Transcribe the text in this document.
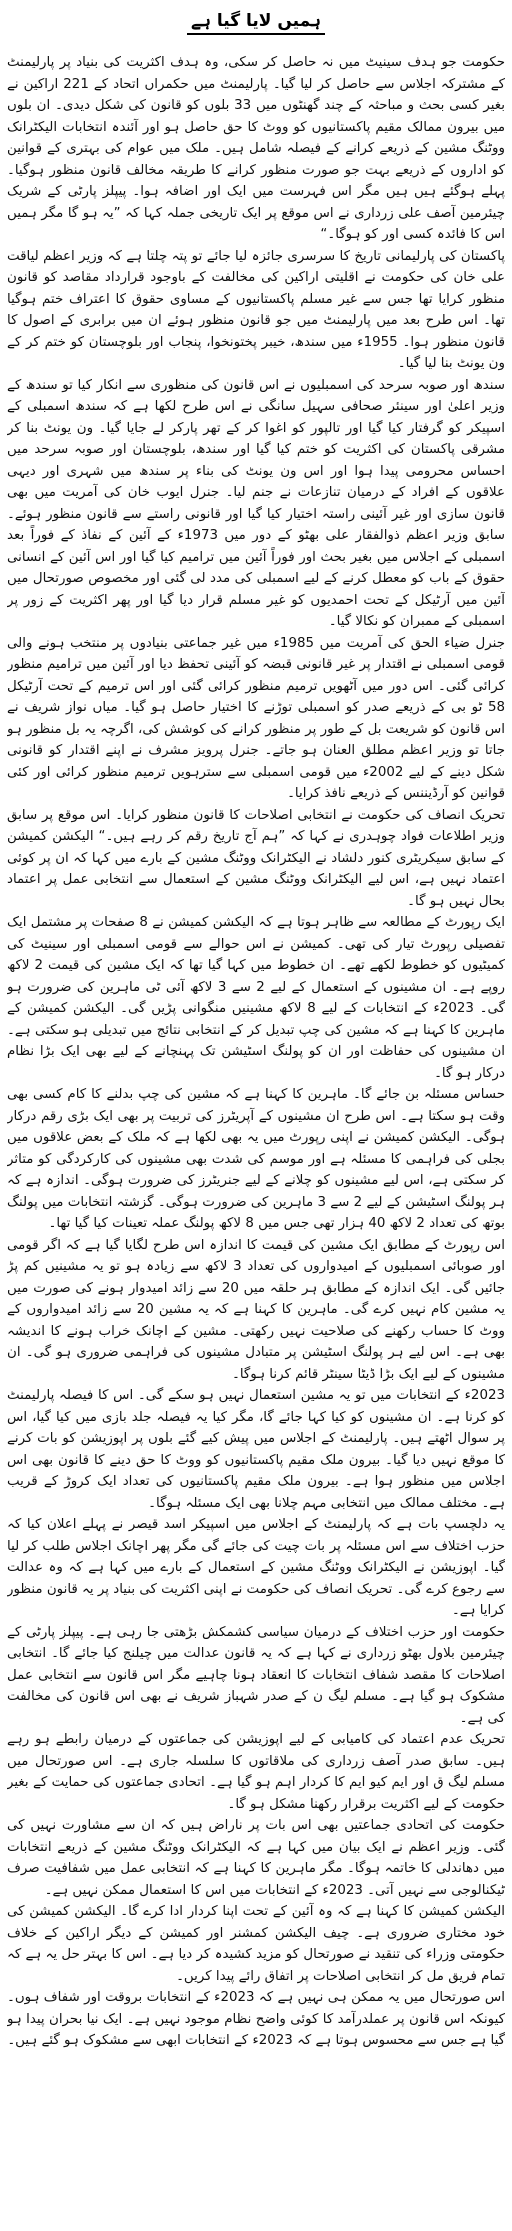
ہمیں لایا گیا ہے

حکومت جو ہدف سینیٹ میں نہ حاصل کر سکی، وہ ہدف اکثریت کی بنیاد پر پارلیمنٹ کے مشترکہ اجلاس سے حاصل کر لیا گیا۔ پارلیمنٹ میں حکمراں اتحاد کے 221 اراکین نے بغیر کسی بحث و مباحثہ کے چند گھنٹوں میں 33 بلوں کو قانون کی شکل دیدی۔ ان بلوں میں بیرون ممالک مقیم پاکستانیوں کو ووٹ کا حق حاصل ہو اور آئندہ انتخابات الیکٹرانک ووٹنگ مشین کے ذریعے کرانے کے فیصلہ شامل ہیں۔ ملک میں عوام کی بہتری کے قوانین کو اداروں کے ذریعے بہت جو صورت منظور کرانے کا طریقہ مخالف قانون منظور ہوگیا۔ پہلے ہوگئے ہیں ہیں مگر اس فہرست میں ایک اور اضافہ ہوا۔ پیپلز پارٹی کے شریک چیئرمین آصف علی زرداری نے اس موقع پر ایک تاریخی جملہ کہا کہ ”یہ ہو گا مگر ہمیں اس کا فائدہ کسی اور کو ہوگا۔“

پاکستان کی پارلیمانی تاریخ کا سرسری جائزہ لیا جائے تو پتہ چلتا ہے کہ وزیر اعظم لیاقت علی خان کی حکومت نے اقلیتی اراکین کی مخالفت کے باوجود قرارداد مقاصد کو قانون منظور کرایا تھا جس سے غیر مسلم پاکستانیوں کے مساوی حقوق کا اعتراف ختم ہوگیا تھا۔ اس طرح بعد میں پارلیمنٹ میں جو قانون منظور ہوئے ان میں برابری کے اصول کا قانون منظور ہوا۔ 1955ء میں سندھ، خیبر پختونخوا، پنجاب اور بلوچستان کو ختم کر کے ون یونٹ بنا لیا گیا۔

سندھ اور صوبہ سرحد کی اسمبلیوں نے اس قانون کی منظوری سے انکار کیا تو سندھ کے وزیر اعلیٰ اور سینئر صحافی سہیل سانگی نے اس طرح لکھا ہے کہ سندھ اسمبلی کے اسپیکر کو گرفتار کیا گیا اور تالپور کو اغوا کر کے تھر پارکر لے جایا گیا۔ ون یونٹ بنا کر مشرقی پاکستان کی اکثریت کو ختم کیا گیا اور سندھ، بلوچستان اور صوبہ سرحد میں احساس محرومی پیدا ہوا اور اس ون یونٹ کی بناء پر سندھ میں شہری اور دیہی علاقوں کے افراد کے درمیان تنازعات نے جنم لیا۔ جنرل ایوب خان کی آمریت میں بھی قانون سازی اور غیر آئینی راستہ اختیار کیا گیا اور قانونی راستے سے قانون منظور ہوئے۔ سابق وزیر اعظم ذوالفقار علی بھٹو کے دور میں 1973ء کے آئین کے نفاذ کے فوراً بعد اسمبلی کے اجلاس میں بغیر بحث اور فوراً آئین میں ترامیم کیا گیا اور اس آئین کے انسانی حقوق کے باب کو معطل کرنے کے لیے اسمبلی کی مدد لی گئی اور مخصوص صورتحال میں آئین میں آرٹیکل کے تحت احمدیوں کو غیر مسلم قرار دیا گیا اور پھر اکثریت کے زور پر اسمبلی کے ممبران کو نکالا گیا۔

جنرل ضیاء الحق کی آمریت میں 1985ء میں غیر جماعتی بنیادوں پر منتخب ہونے والی قومی اسمبلی نے اقتدار پر غیر قانونی قبضہ کو آئینی تحفظ دیا اور آئین میں ترامیم منظور کرائی گئی۔ اس دور میں آٹھویں ترمیم منظور کرائی گئی اور اس ترمیم کے تحت آرٹیکل 58 ٹو بی کے ذریعے صدر کو اسمبلی توڑنے کا اختیار حاصل ہو گیا۔ میاں نواز شریف نے اس قانون کو شریعت بل کے طور پر منظور کرانے کی کوشش کی، اگرچہ یہ بل منظور ہو جاتا تو وزیر اعظم مطلق العنان ہو جاتے۔ جنرل پرویز مشرف نے اپنے اقتدار کو قانونی شکل دینے کے لیے 2002ء میں قومی اسمبلی سے سترہویں ترمیم منظور کرائی اور کئی قوانین کو آرڈیننس کے ذریعے نافذ کرایا۔

تحریک انصاف کی حکومت نے انتخابی اصلاحات کا قانون منظور کرایا۔ اس موقع پر سابق وزیر اطلاعات فواد چوہدری نے کہا کہ ”ہم آج تاریخ رقم کر رہے ہیں۔“ الیکشن کمیشن کے سابق سیکریٹری کنور دلشاد نے الیکٹرانک ووٹنگ مشین کے بارے میں کہا کہ ان پر کوئی اعتماد نہیں ہے، اس لیے الیکٹرانک ووٹنگ مشین کے استعمال سے انتخابی عمل پر اعتماد بحال نہیں ہو گا۔

ایک رپورٹ کے مطالعہ سے ظاہر ہوتا ہے کہ الیکشن کمیشن نے 8 صفحات پر مشتمل ایک تفصیلی رپورٹ تیار کی تھی۔ کمیشن نے اس حوالے سے قومی اسمبلی اور سینیٹ کی کمیٹیوں کو خطوط لکھے تھے۔ ان خطوط میں کہا گیا تھا کہ ایک مشین کی قیمت 2 لاکھ روپے ہے۔ ان مشینوں کے استعمال کے لیے 2 سے 3 لاکھ آئی ٹی ماہرین کی ضرورت ہو گی۔ 2023ء کے انتخابات کے لیے 8 لاکھ مشینیں منگوانی پڑیں گی۔ الیکشن کمیشن کے ماہرین کا کہنا ہے کہ مشین کی چپ تبدیل کر کے انتخابی نتائج میں تبدیلی ہو سکتی ہے۔ ان مشینوں کی حفاظت اور ان کو پولنگ اسٹیشن تک پہنچانے کے لیے بھی ایک بڑا نظام درکار ہو گا۔

حساس مسئلہ بن جائے گا۔ ماہرین کا کہنا ہے کہ مشین کی چپ بدلنے کا کام کسی بھی وقت ہو سکتا ہے۔ اس طرح ان مشینوں کے آپریٹرز کی تربیت پر بھی ایک بڑی رقم درکار ہوگی۔ الیکشن کمیشن نے اپنی رپورٹ میں یہ بھی لکھا ہے کہ ملک کے بعض علاقوں میں بجلی کی فراہمی کا مسئلہ ہے اور موسم کی شدت بھی مشینوں کی کارکردگی کو متاثر کر سکتی ہے، اس لیے مشینوں کو چلانے کے لیے جنریٹرز کی ضرورت ہوگی۔ اندازہ ہے کہ ہر پولنگ اسٹیشن کے لیے 2 سے 3 ماہرین کی ضرورت ہوگی۔ گزشتہ انتخابات میں پولنگ بوتھ کی تعداد 2 لاکھ 40 ہزار تھی جس میں 8 لاکھ پولنگ عملہ تعینات کیا گیا تھا۔

اس رپورٹ کے مطابق ایک مشین کی قیمت کا اندازہ اس طرح لگایا گیا ہے کہ اگر قومی اور صوبائی اسمبلیوں کے امیدواروں کی تعداد 3 لاکھ سے زیادہ ہو تو یہ مشینیں کم پڑ جائیں گی۔ ایک اندازہ کے مطابق ہر حلقہ میں 20 سے زائد امیدوار ہونے کی صورت میں یہ مشین کام نہیں کرے گی۔ ماہرین کا کہنا ہے کہ یہ مشین 20 سے زائد امیدواروں کے ووٹ کا حساب رکھنے کی صلاحیت نہیں رکھتی۔ مشین کے اچانک خراب ہونے کا اندیشہ بھی ہے۔ اس لیے ہر پولنگ اسٹیشن پر متبادل مشینوں کی فراہمی ضروری ہو گی۔ ان مشینوں کے لیے ایک بڑا ڈیٹا سینٹر قائم کرنا ہوگا۔

2023ء کے انتخابات میں تو یہ مشین استعمال نہیں ہو سکے گی۔ اس کا فیصلہ پارلیمنٹ کو کرنا ہے۔ ان مشینوں کو کیا کہا جائے گا، مگر کیا یہ فیصلہ جلد بازی میں کیا گیا، اس پر سوال اٹھتے ہیں۔ پارلیمنٹ کے اجلاس میں پیش کیے گئے بلوں پر اپوزیشن کو بات کرنے کا موقع نہیں دیا گیا۔ بیرون ملک مقیم پاکستانیوں کو ووٹ کا حق دینے کا قانون بھی اس اجلاس میں منظور ہوا ہے۔ بیرون ملک مقیم پاکستانیوں کی تعداد ایک کروڑ کے قریب ہے۔ مختلف ممالک میں انتخابی مہم چلانا بھی ایک مسئلہ ہوگا۔

یہ دلچسپ بات ہے کہ پارلیمنٹ کے اجلاس میں اسپیکر اسد قیصر نے پہلے اعلان کیا کہ حزب اختلاف سے اس مسئلہ پر بات چیت کی جائے گی مگر پھر اچانک اجلاس طلب کر لیا گیا۔ اپوزیشن نے الیکٹرانک ووٹنگ مشین کے استعمال کے بارے میں کہا ہے کہ وہ عدالت سے رجوع کرے گی۔ تحریک انصاف کی حکومت نے اپنی اکثریت کی بنیاد پر یہ قانون منظور کرایا ہے۔

حکومت اور حزب اختلاف کے درمیان سیاسی کشمکش بڑھتی جا رہی ہے۔ پیپلز پارٹی کے چیئرمین بلاول بھٹو زرداری نے کہا ہے کہ یہ قانون عدالت میں چیلنج کیا جائے گا۔ انتخابی اصلاحات کا مقصد شفاف انتخابات کا انعقاد ہونا چاہیے مگر اس قانون سے انتخابی عمل مشکوک ہو گیا ہے۔ مسلم لیگ ن کے صدر شہباز شریف نے بھی اس قانون کی مخالفت کی ہے۔

تحریک عدم اعتماد کی کامیابی کے لیے اپوزیشن کی جماعتوں کے درمیان رابطے ہو رہے ہیں۔ سابق صدر آصف زرداری کی ملاقاتوں کا سلسلہ جاری ہے۔ اس صورتحال میں مسلم لیگ ق اور ایم کیو ایم کا کردار اہم ہو گیا ہے۔ اتحادی جماعتوں کی حمایت کے بغیر حکومت کے لیے اکثریت برقرار رکھنا مشکل ہو گا۔

حکومت کی اتحادی جماعتیں بھی اس بات پر ناراض ہیں کہ ان سے مشاورت نہیں کی گئی۔ وزیر اعظم نے ایک بیان میں کہا ہے کہ الیکٹرانک ووٹنگ مشین کے ذریعے انتخابات میں دھاندلی کا خاتمہ ہوگا۔ مگر ماہرین کا کہنا ہے کہ انتخابی عمل میں شفافیت صرف ٹیکنالوجی سے نہیں آتی۔ 2023ء کے انتخابات میں اس کا استعمال ممکن نہیں ہے۔

الیکشن کمیشن کا کہنا ہے کہ وہ آئین کے تحت اپنا کردار ادا کرے گا۔ الیکشن کمیشن کی خود مختاری ضروری ہے۔ چیف الیکشن کمشنر اور کمیشن کے دیگر اراکین کے خلاف حکومتی وزراء کی تنقید نے صورتحال کو مزید کشیدہ کر دیا ہے۔ اس کا بہتر حل یہ ہے کہ تمام فریق مل کر انتخابی اصلاحات پر اتفاق رائے پیدا کریں۔

اس صورتحال میں یہ ممکن ہی نہیں ہے کہ 2023ء کے انتخابات بروقت اور شفاف ہوں۔ کیونکہ اس قانون پر عملدرآمد کا کوئی واضح نظام موجود نہیں ہے۔ ایک نیا بحران پیدا ہو گیا ہے جس سے محسوس ہوتا ہے کہ 2023ء کے انتخابات ابھی سے مشکوک ہو گئے ہیں۔
